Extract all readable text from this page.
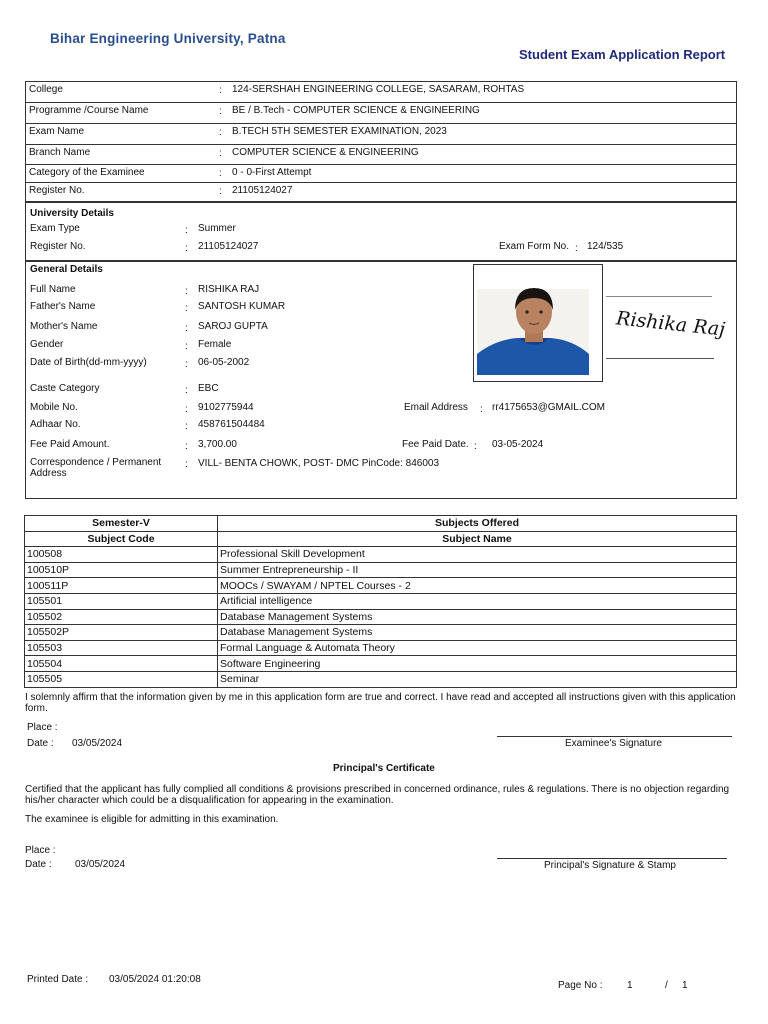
Bihar Engineering University, Patna
Student Exam Application Report
College	: 124-SERSHAH ENGINEERING COLLEGE, SASARAM, ROHTAS
Programme /Course Name	: BE / B.Tech - COMPUTER SCIENCE & ENGINEERING
Exam Name	: B.TECH 5TH SEMESTER EXAMINATION, 2023
Branch Name	: COMPUTER SCIENCE & ENGINEERING
Category of the Examinee	: 0 - 0-First Attempt
Register No.	: 21105124027
University Details
Exam Type	: Summer
Register No.	: 21105124027	Exam Form No. : 124/535
General Details
Full Name	: RISHIKA RAJ
Father's Name	: SANTOSH KUMAR
Mother's Name	: SAROJ GUPTA
Gender	: Female
Date of Birth(dd-mm-yyyy)	: 06-05-2002
Caste Category	: EBC
Mobile No.	: 9102775944	Email Address : rr4175653@GMAIL.COM
Adhaar No.	: 458761504484
Fee Paid Amount.	: 3,700.00	Fee Paid Date. : 03-05-2024
Correspondence / Permanent
Address
: VILL- BENTA CHOWK, POST- DMC PinCode: 846003
Rishika Raj
Semester-V	Subjects Offered
Subject Code	Subject Name
100508	Professional Skill Development
100510P	Summer Entrepreneurship - II
100511P	MOOCs / SWAYAM / NPTEL Courses - 2
105501	Artificial intelligence
105502	Database Management Systems
105502P	Database Management Systems
105503	Formal Language & Automata Theory
105504	Software Engineering
105505	Seminar
I solemnly affirm that the information given by me in this application form are true and correct. I have read and accepted all instructions given with this application form.
Place :
Date : 03/05/2024	Examinee's Signature
Principal's Certificate
Certified that the applicant has fully complied all conditions & provisions prescribed in concerned ordinance, rules & regulations. There is no objection regarding his/her character which could be a disqualification for appearing in the examination.
The examinee is eligible for admitting in this examination.
Place :
Date : 03/05/2024	Principal's Signature & Stamp
Printed Date : 03/05/2024 01:20:08
Page No : 1	/ 1
